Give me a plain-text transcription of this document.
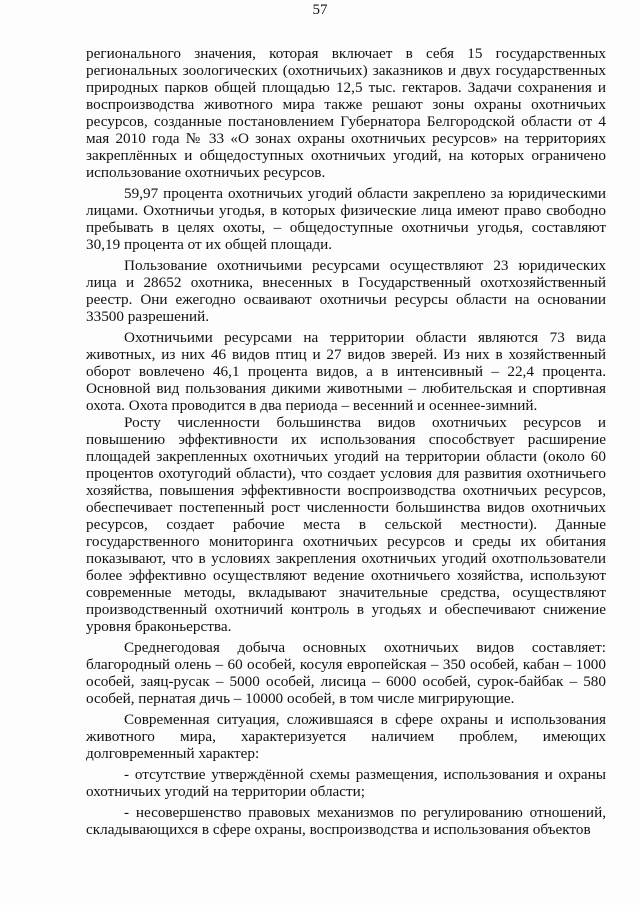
57

регионального значения, которая включает в себя 15 государственных региональных зоологических (охотничьих) заказников и двух государственных природных парков общей площадью 12,5 тыс. гектаров. Задачи сохранения и воспроизводства животного мира также решают зоны охраны охотничьих ресурсов, созданные постановлением Губернатора Белгородской области от 4 мая 2010 года № 33 «О зонах охраны охотничьих ресурсов» на территориях закреплённых и общедоступных охотничьих угодий, на которых ограничено использование охотничьих ресурсов.

59,97 процента охотничьих угодий области закреплено за юридическими лицами. Охотничьи угодья, в которых физические лица имеют право свободно пребывать в целях охоты, – общедоступные охотничьи угодья, составляют 30,19 процента от их общей площади.

Пользование охотничьими ресурсами осуществляют 23 юридических лица и 28652 охотника, внесенных в Государственный охотхозяйственный реестр. Они ежегодно осваивают охотничьи ресурсы области на основании 33500 разрешений.

Охотничьими ресурсами на территории области являются 73 вида животных, из них 46 видов птиц и 27 видов зверей. Из них в хозяйственный оборот вовлечено 46,1 процента видов, а в интенсивный – 22,4 процента. Основной вид пользования дикими животными – любительская и спортивная охота. Охота проводится в два периода – весенний и осеннее-зимний.

Росту численности большинства видов охотничьих ресурсов и повышению эффективности их использования способствует расширение площадей закрепленных охотничьих угодий на территории области (около 60 процентов охотугодий области), что создает условия для развития охотничьего хозяйства, повышения эффективности воспроизводства охотничьих ресурсов, обеспечивает постепенный рост численности большинства видов охотничьих ресурсов, создает рабочие места в сельской местности). Данные государственного мониторинга охотничьих ресурсов и среды их обитания показывают, что в условиях закрепления охотничьих угодий охотпользователи более эффективно осуществляют ведение охотничьего хозяйства, используют современные методы, вкладывают значительные средства, осуществляют производственный охотничий контроль в угодьях и обеспечивают снижение уровня браконьерства.

Среднегодовая добыча основных охотничьих видов составляет: благородный олень – 60 особей, косуля европейская – 350 особей, кабан – 1000 особей, заяц-русак – 5000 особей, лисица – 6000 особей, сурок-байбак – 580 особей, пернатая дичь – 10000 особей, в том числе мигрирующие.

Современная ситуация, сложившаяся в сфере охраны и использования животного мира, характеризуется наличием проблем, имеющих долговременный характер:

- отсутствие утверждённой схемы размещения, использования и охраны охотничьих угодий на территории области;

- несовершенство правовых механизмов по регулированию отношений, складывающихся в сфере охраны, воспроизводства и использования объектов
